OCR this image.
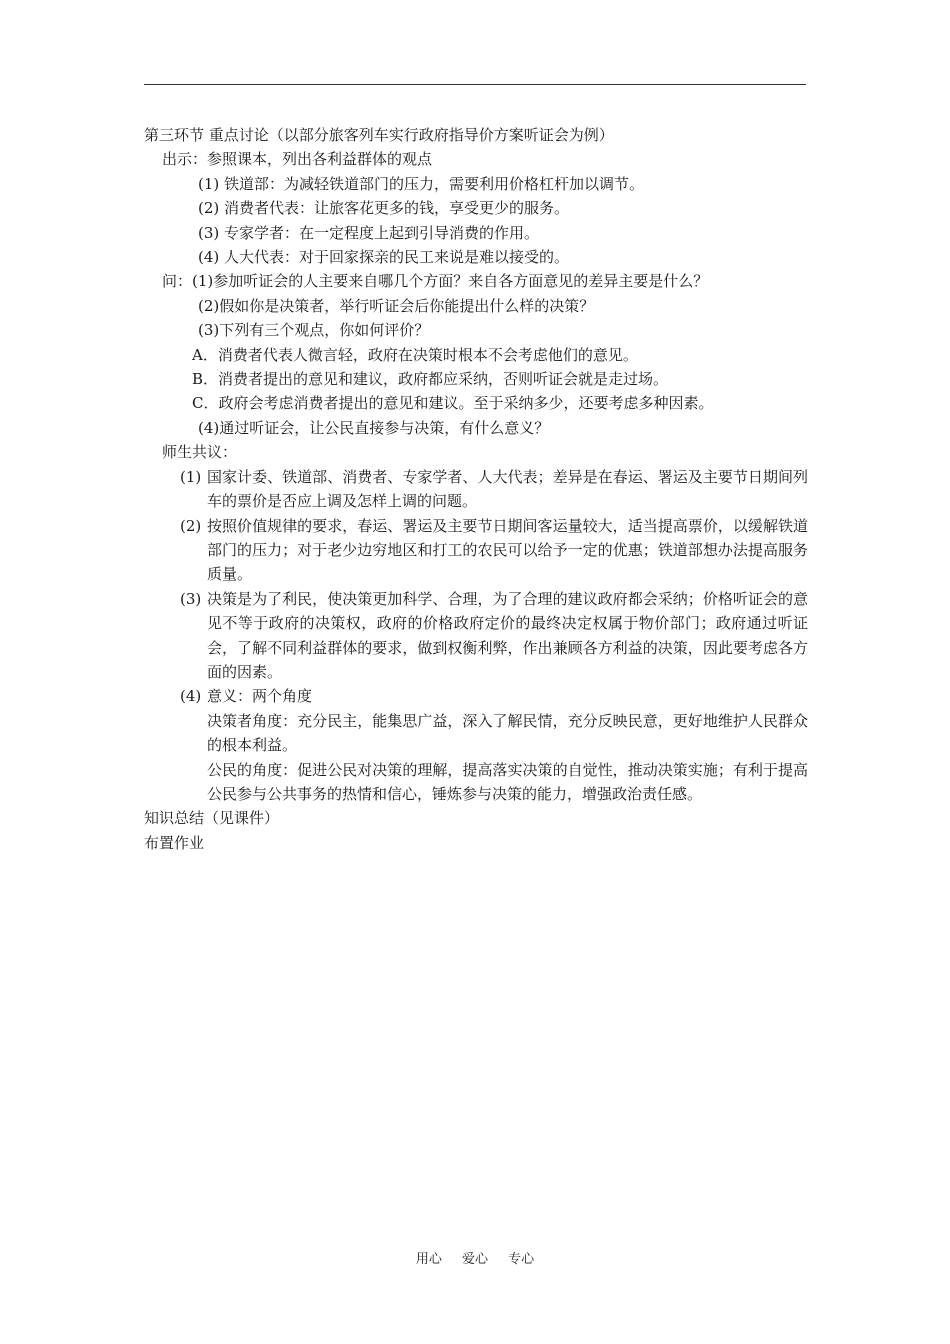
第三环节 重点讨论（以部分旅客列车实行政府指导价方案听证会为例）
出示：参照课本，列出各利益群体的观点
(1) 铁道部：为减轻铁道部门的压力，需要利用价格杠杆加以调节。
(2) 消费者代表：让旅客花更多的钱，享受更少的服务。
(3) 专家学者：在一定程度上起到引导消费的作用。
(4) 人大代表：对于回家探亲的民工来说是难以接受的。
问：(1)参加听证会的人主要来自哪几个方面？来自各方面意见的差异主要是什么？
(2)假如你是决策者，举行听证会后你能提出什么样的决策？
(3)下列有三个观点，你如何评价？
A．消费者代表人微言轻，政府在决策时根本不会考虑他们的意见。
B．消费者提出的意见和建议，政府都应采纳，否则听证会就是走过场。
C．政府会考虑消费者提出的意见和建议。至于采纳多少，还要考虑多种因素。
(4)通过听证会，让公民直接参与决策，有什么意义？
师生共议：
(1) 国家计委、铁道部、消费者、专家学者、人大代表；差异是在春运、署运及主要节日期间列车的票价是否应上调及怎样上调的问题。
(2) 按照价值规律的要求，春运、署运及主要节日期间客运量较大，适当提高票价，以缓解铁道部门的压力；对于老少边穷地区和打工的农民可以给予一定的优惠；铁道部想办法提高服务质量。
(3) 决策是为了利民，使决策更加科学、合理，为了合理的建议政府都会采纳；价格听证会的意见不等于政府的决策权，政府的价格政府定价的最终决定权属于物价部门；政府通过听证会，了解不同利益群体的要求，做到权衡利弊，作出兼顾各方利益的决策，因此要考虑各方面的因素。
(4) 意义：两个角度
决策者角度：充分民主，能集思广益，深入了解民情，充分反映民意，更好地维护人民群众的根本利益。
公民的角度：促进公民对决策的理解，提高落实决策的自觉性，推动决策实施；有利于提高公民参与公共事务的热情和信心，锤炼参与决策的能力，增强政治责任感。
知识总结（见课件）
布置作业
用心 爱心 专心
